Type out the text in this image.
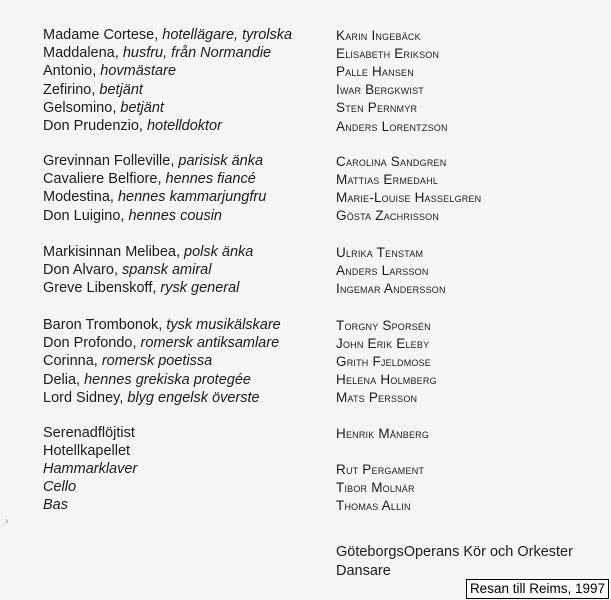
›
Resan till Reims, 1997
Madame Cortese, hotellägare, tyrolska	Karin Ingebäck
Maddalena, husfru, från Normandie	Elisabeth Erikson
Antonio, hovmästare	Palle Hansen
Zefirino, betjänt	Iwar Bergkwist
Gelsomino, betjänt	Sten Pernmyr
Don Prudenzio, hotelldoktor	Anders Lorentzson
Grevinnan Folleville, parisisk änka	Carolina Sandgren
Cavaliere Belfiore, hennes fiancé	Mattias Ermedahl
Modestina, hennes kammarjungfru	Marie-Louise Hasselgren
Don Luigino, hennes cousin	Gösta Zachrisson
Markisinnan Melibea, polsk änka	Ulrika Tenstam
Don Alvaro, spansk amiral	Anders Larsson
Greve Libenskoff, rysk general	Ingemar Andersson
Baron Trombonok, tysk musikälskare	Torgny Sporsén
Don Profondo, romersk antiksamlare	John Erik Eleby
Corinna, romersk poetissa	Grith Fjeldmose
Delia, hennes grekiska protegée	Helena Holmberg
Lord Sidney, blyg engelsk överste	Mats Persson
Serenadflöjtist	Henrik Månberg
Hotellkapellet
Hammarklaver	Rut Pergament
Cello	Tibor Molnár
Bas	Thomas Allin
GöteborgsOperans Kör och Orkester
Dansare
